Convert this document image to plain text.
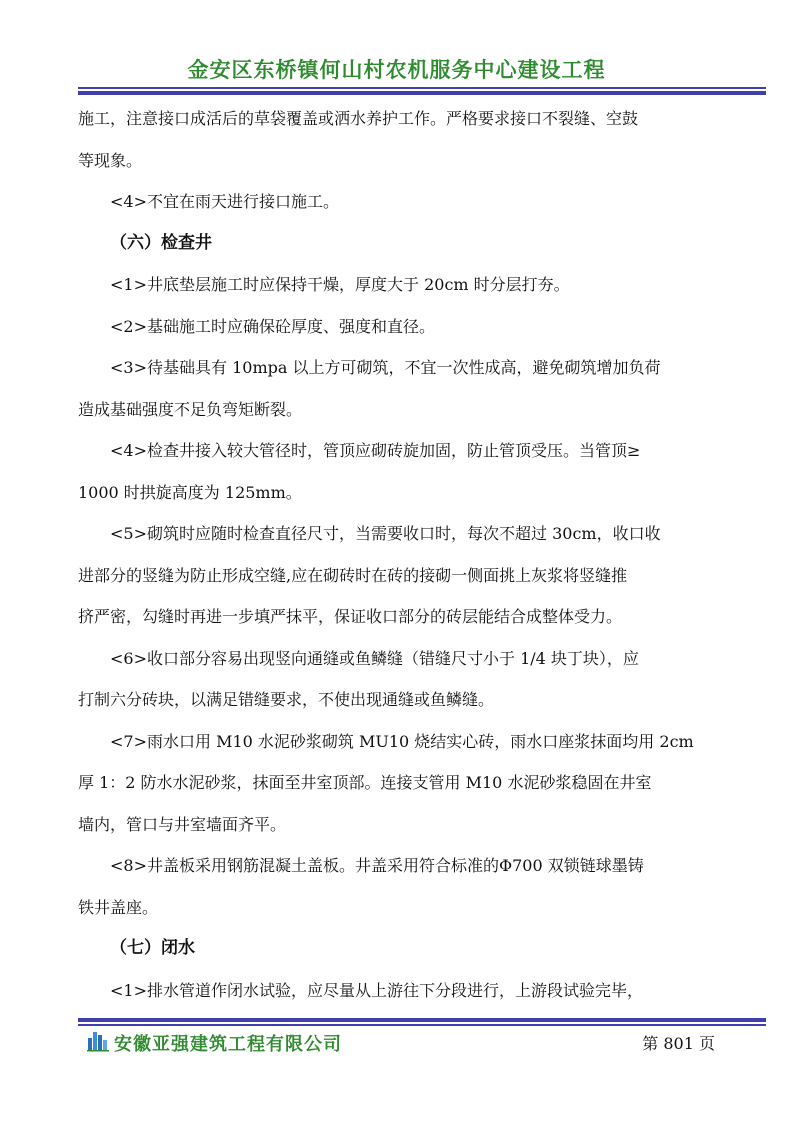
金安区东桥镇何山村农机服务中心建设工程
施工，注意接口成活后的草袋覆盖或洒水养护工作。严格要求接口不裂缝、空鼓
等现象。
<4>不宜在雨天进行接口施工。
（六）检查井
<1>井底垫层施工时应保持干燥，厚度大于 20cm 时分层打夯。
<2>基础施工时应确保砼厚度、强度和直径。
<3>待基础具有 10mpa 以上方可砌筑，不宜一次性成高，避免砌筑增加负荷
造成基础强度不足负弯矩断裂。
<4>检查井接入较大管径时，管顶应砌砖旋加固，防止管顶受压。当管顶≥
1000 时拱旋高度为 125mm。
<5>砌筑时应随时检查直径尺寸，当需要收口时，每次不超过 30cm，收口收
进部分的竖缝为防止形成空缝,应在砌砖时在砖的接砌一侧面挑上灰浆将竖缝推
挤严密，勾缝时再进一步填严抹平，保证收口部分的砖层能结合成整体受力。
<6>收口部分容易出现竖向通缝或鱼鳞缝（错缝尺寸小于 1/4 块丁块），应
打制六分砖块，以满足错缝要求，不使出现通缝或鱼鳞缝。
<7>雨水口用 M10 水泥砂浆砌筑 MU10 烧结实心砖，雨水口座浆抹面均用 2cm
厚 1：2 防水水泥砂浆，抹面至井室顶部。连接支管用 M10 水泥砂浆稳固在井室
墙内，管口与井室墙面齐平。
<8>井盖板采用钢筋混凝土盖板。井盖采用符合标准的Φ700 双锁链球墨铸
铁井盖座。
（七）闭水
<1>排水管道作闭水试验，应尽量从上游往下分段进行，上游段试验完毕，
安徽亚强建筑工程有限公司	第 801 页
